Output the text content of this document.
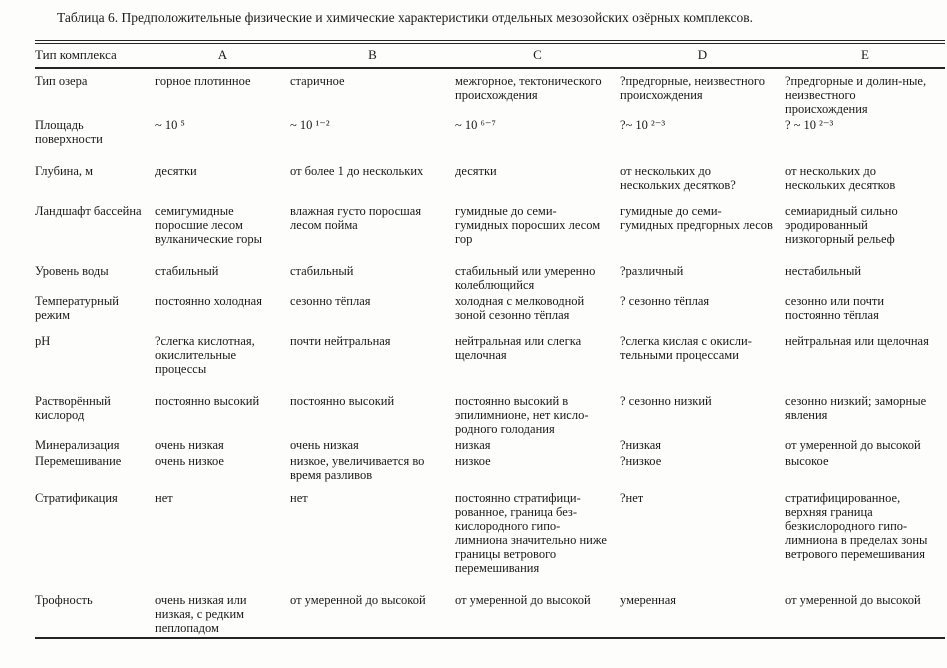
Таблица 6. Предположительные физические и химические характеристики отдельных мезозойских озёрных комплексов.
Тип комплекса	A	B	C	D	E
Тип озера	горное плотинное	старичное	межгорное, тектонического происхождения	?предгорные, неизвестного происхождения	?предгорные и долин-ные, неизвестного происхождения
Площадь поверхности	~ 10 ⁵	~ 10 ¹⁻²	~ 10 ⁶⁻⁷	?~ 10 ²⁻³	? ~ 10 ²⁻³
Глубина, м	десятки	от более 1 до нескольких	десятки	от нескольких до нескольких десятков?	от нескольких до нескольких десятков
Ландшафт бассейна	семигумидные поросшие лесом вулканические горы	влажная густо поросшая лесом пойма	гумидные до семи-гумидных поросших лесом гор	гумидные до семи-гумидных предгорных лесов	семиаридный сильно эродированный низкогорный рельеф
Уровень воды	стабильный	стабильный	стабильный или умеренно колеблющийся	?различный	нестабильный
Температурный режим	постоянно холодная	сезонно тёплая	холодная с мелководной зоной сезонно тёплая	? сезонно тёплая	сезонно или почти постоянно тёплая
pH	?слегка кислотная, окислительные процессы	почти нейтральная	нейтральная или слегка щелочная	?слегка кислая с окисли-тельными процессами	нейтральная или щелочная
Растворённый кислород	постоянно высокий	постоянно высокий	постоянно высокий в эпилимнионе, нет кисло-родного голодания	? сезонно низкий	сезонно низкий; заморные явления
Минерализация	очень низкая	очень низкая	низкая	?низкая	от умеренной до высокой
Перемешивание	очень низкое	низкое, увеличивается во время разливов	низкое	?низкое	высокое
Стратификация	нет	нет	постоянно стратифици-рованное, граница без-кислородного гипо-лимниона значительно ниже границы ветрового перемешивания	?нет	стратифицированное, верхняя граница безкислородного гипо-лимниона в пределах зоны ветрового перемешивания
Трофность	очень низкая или низкая, с редким пеплопадом	от умеренной до высокой	от умеренной до высокой	умеренная	от умеренной до высокой
